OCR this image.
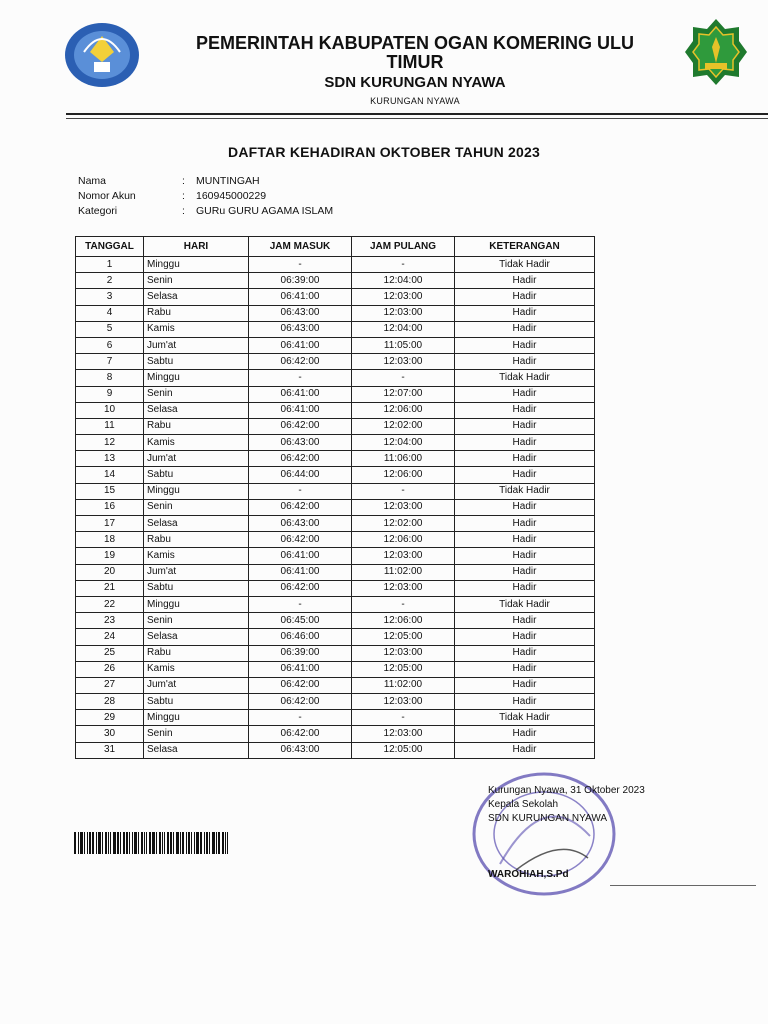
PEMERINTAH KABUPATEN OGAN KOMERING ULU
TIMUR
SDN KURUNGAN NYAWA
KURUNGAN NYAWA
DAFTAR KEHADIRAN OKTOBER TAHUN 2023
Nama	:	MUNTINGAH
Nomor Akun	:	160945000229
Kategori	:	GURu GURU AGAMA ISLAM
TANGGAL	HARI	JAM MASUK	JAM PULANG	KETERANGAN
1	Minggu	-	-	Tidak Hadir
2	Senin	06:39:00	12:04:00	Hadir
3	Selasa	06:41:00	12:03:00	Hadir
4	Rabu	06:43:00	12:03:00	Hadir
5	Kamis	06:43:00	12:04:00	Hadir
6	Jum'at	06:41:00	11:05:00	Hadir
7	Sabtu	06:42:00	12:03:00	Hadir
8	Minggu	-	-	Tidak Hadir
9	Senin	06:41:00	12:07:00	Hadir
10	Selasa	06:41:00	12:06:00	Hadir
11	Rabu	06:42:00	12:02:00	Hadir
12	Kamis	06:43:00	12:04:00	Hadir
13	Jum'at	06:42:00	11:06:00	Hadir
14	Sabtu	06:44:00	12:06:00	Hadir
15	Minggu	-	-	Tidak Hadir
16	Senin	06:42:00	12:03:00	Hadir
17	Selasa	06:43:00	12:02:00	Hadir
18	Rabu	06:42:00	12:06:00	Hadir
19	Kamis	06:41:00	12:03:00	Hadir
20	Jum'at	06:41:00	11:02:00	Hadir
21	Sabtu	06:42:00	12:03:00	Hadir
22	Minggu	-	-	Tidak Hadir
23	Senin	06:45:00	12:06:00	Hadir
24	Selasa	06:46:00	12:05:00	Hadir
25	Rabu	06:39:00	12:03:00	Hadir
26	Kamis	06:41:00	12:05:00	Hadir
27	Jum'at	06:42:00	11:02:00	Hadir
28	Sabtu	06:42:00	12:03:00	Hadir
29	Minggu	-	-	Tidak Hadir
30	Senin	06:42:00	12:03:00	Hadir
31	Selasa	06:43:00	12:05:00	Hadir
Kurungan Nyawa, 31 Oktober 2023
Kepala Sekolah
SDN KURUNGAN NYAWA
WAROHIAH,S.Pd
